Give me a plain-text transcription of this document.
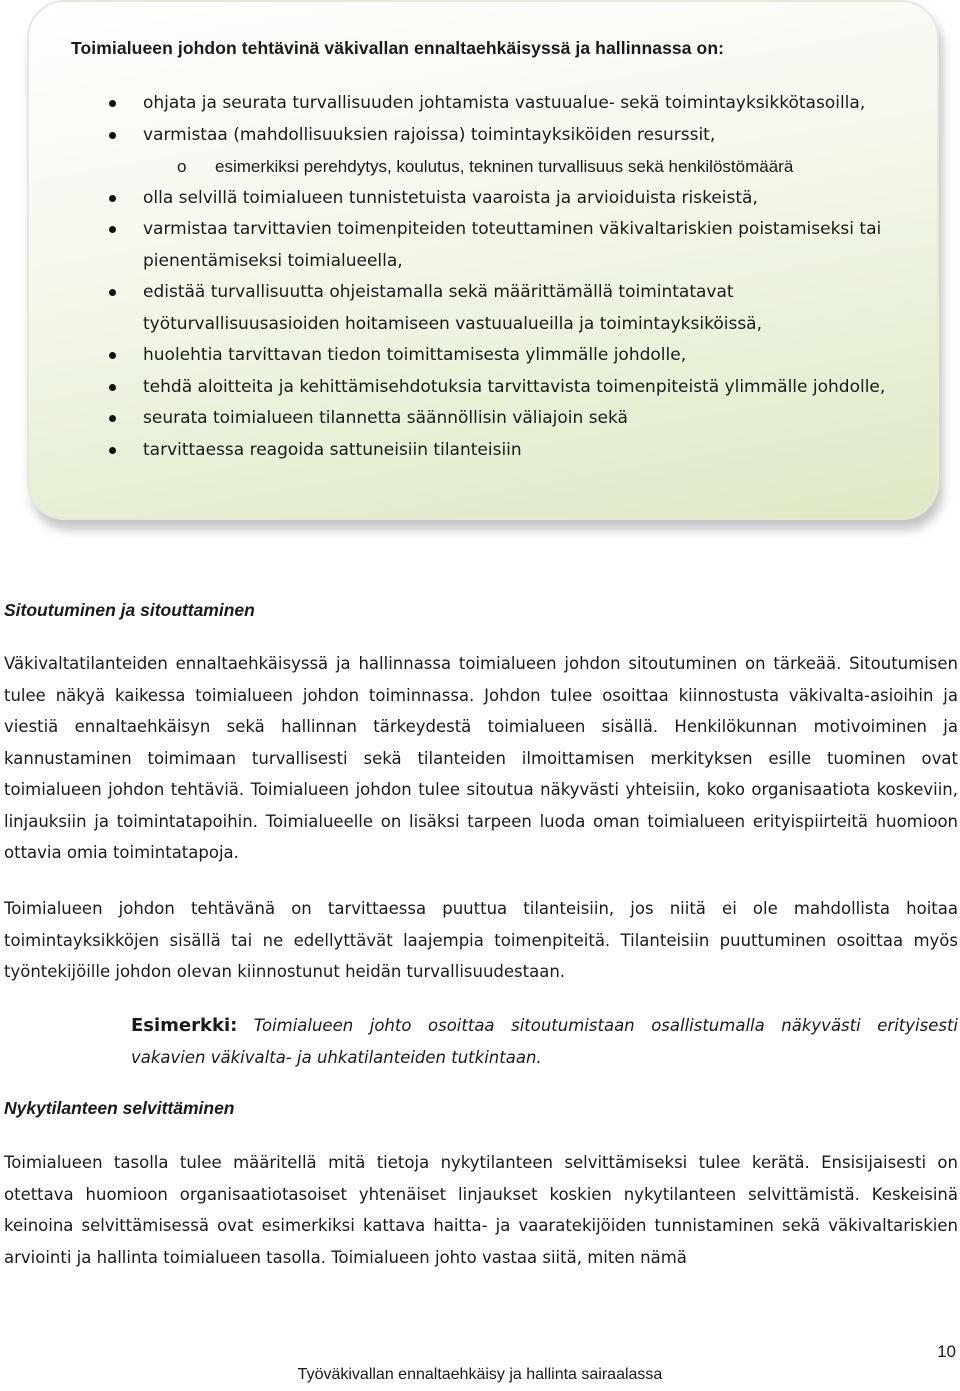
Toimialueen johdon tehtävinä väkivallan ennaltaehkäisyssä ja hallinnassa on:

ohjata ja seurata turvallisuuden johtamista vastuualue- sekä toimintayksikkötasoilla,
varmistaa (mahdollisuuksien rajoissa) toimintayksiköiden resurssit,
o esimerkiksi perehdytys, koulutus, tekninen turvallisuus sekä henkilöstömäärä
olla selvillä toimialueen tunnistetuista vaaroista ja arvioiduista riskeistä,
varmistaa tarvittavien toimenpiteiden toteuttaminen väkivaltariskien poistamiseksi tai pienentämiseksi toimialueella,
edistää turvallisuutta ohjeistamalla sekä määrittämällä toimintatavat työturvallisuusasioiden hoitamiseen vastuualueilla ja toimintayksiköissä,
huolehtia tarvittavan tiedon toimittamisesta ylimmälle johdolle,
tehdä aloitteita ja kehittämisehdotuksia tarvittavista toimenpiteistä ylimmälle johdolle,
seurata toimialueen tilannetta säännöllisin väliajoin sekä
tarvittaessa reagoida sattuneisiin tilanteisiin
Sitoutuminen ja sitouttaminen

Väkivaltatilanteiden ennaltaehkäisyssä ja hallinnassa toimialueen johdon sitoutuminen on tärkeää. Sitoutumisen tulee näkyä kaikessa toimialueen johdon toiminnassa. Johdon tulee osoittaa kiinnostusta väkivalta-asioihin ja viestiä ennaltaehkäisyn sekä hallinnan tärkeydestä toimialueen sisällä. Henkilökunnan motivoiminen ja kannustaminen toimimaan turvallisesti sekä tilanteiden ilmoittamisen merkityksen esille tuominen ovat toimialueen johdon tehtäviä. Toimialueen johdon tulee sitoutua näkyvästi yhteisiin, koko organisaatiota koskeviin, linjauksiin ja toimintatapoihin. Toimialueelle on lisäksi tarpeen luoda oman toimialueen erityispiirteitä huomioon ottavia omia toimintatapoja.

Toimialueen johdon tehtävänä on tarvittaessa puuttua tilanteisiin, jos niitä ei ole mahdollista hoitaa toimintayksikköjen sisällä tai ne edellyttävät laajempia toimenpiteitä. Tilanteisiin puuttuminen osoittaa myös työntekijöille johdon olevan kiinnostunut heidän turvallisuudestaan.

Esimerkki: Toimialueen johto osoittaa sitoutumistaan osallistumalla näkyvästi erityisesti vakavien väkivalta- ja uhkatilanteiden tutkintaan.

Nykytilanteen selvittäminen

Toimialueen tasolla tulee määritellä mitä tietoja nykytilanteen selvittämiseksi tulee kerätä. Ensisijaisesti on otettava huomioon organisaatiotasoiset yhtenäiset linjaukset koskien nykytilanteen selvittämistä. Keskeisinä keinoina selvittämisessä ovat esimerkiksi kattava haitta- ja vaaratekijöiden tunnistaminen sekä väkivaltariskien arviointi ja hallinta toimialueen tasolla. Toimialueen johto vastaa siitä, miten nämä

10
Työväkivallan ennaltaehkäisy ja hallinta sairaalassa
